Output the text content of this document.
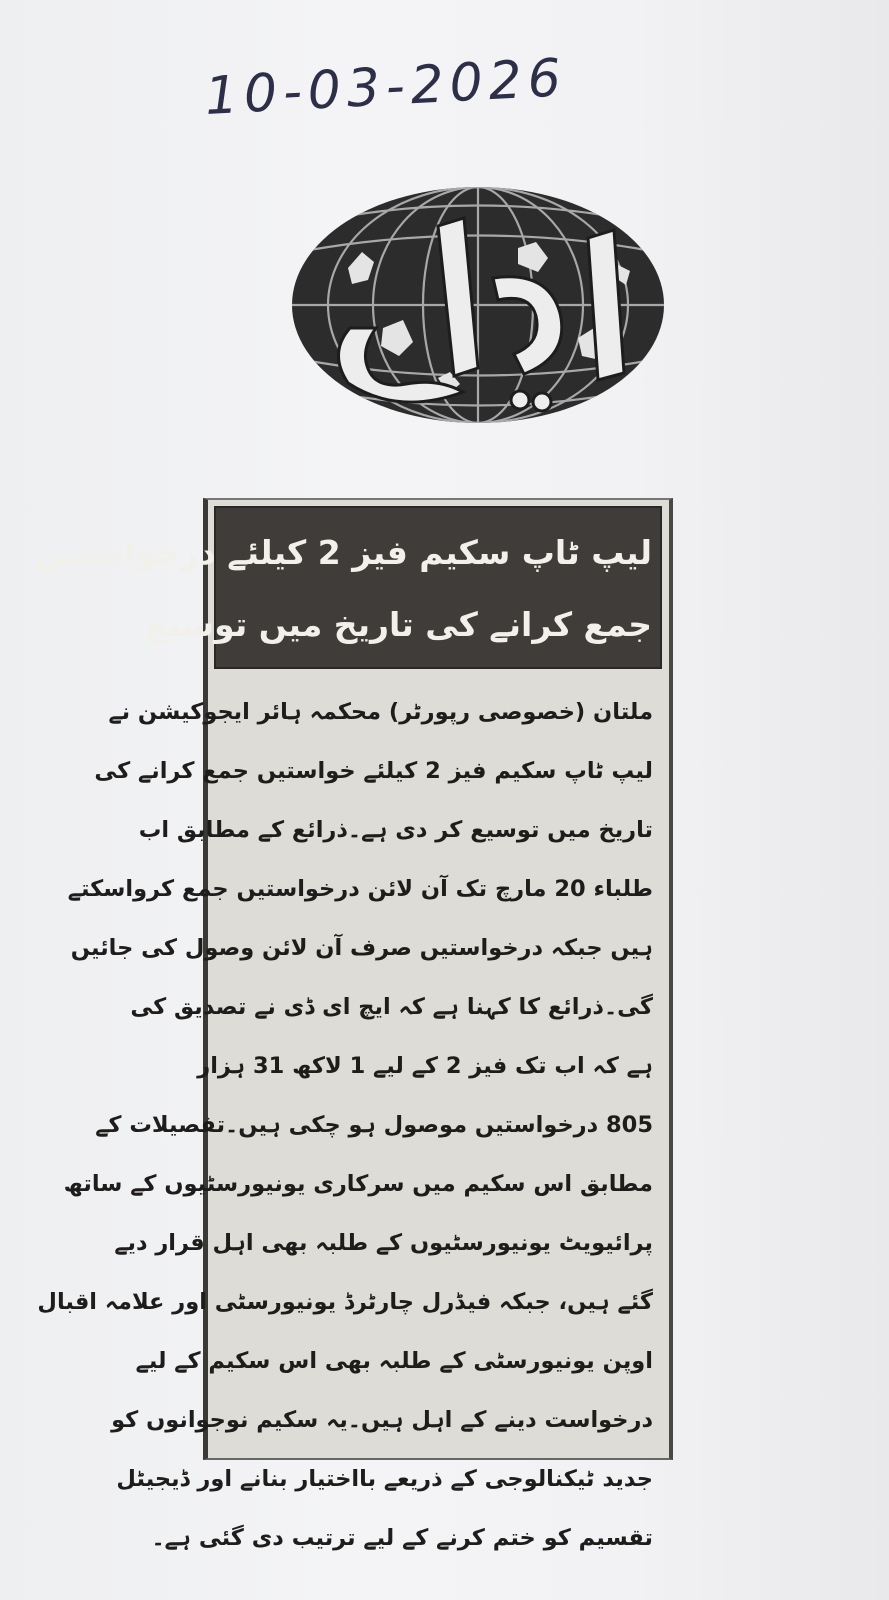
10-03-2026
لیپ ٹاپ سکیم فیز 2 کیلئے درخواستیں
جمع کرانے کی تاریخ میں توسیع
ملتان (خصوصی رپورٹر) محکمہ ہائر ایجوکیشن نے
لیپ ٹاپ سکیم فیز 2 کیلئے خواستیں جمع کرانے کی
تاریخ میں توسیع کر دی ہے۔ذرائع کے مطابق اب
طلباء 20 مارچ تک آن لائن درخواستیں جمع کرواسکتے
ہیں جبکہ درخواستیں صرف آن لائن وصول کی جائیں
گی۔ذرائع کا کہنا ہے کہ ایچ ای ڈی نے تصدیق کی
ہے کہ اب تک فیز 2 کے لیے 1 لاکھ 31 ہزار
805 درخواستیں موصول ہو چکی ہیں۔تفصیلات کے
مطابق اس سکیم میں سرکاری یونیورسٹیوں کے ساتھ
پرائیویٹ یونیورسٹیوں کے طلبہ بھی اہل قرار دیے
گئے ہیں، جبکہ فیڈرل چارٹرڈ یونیورسٹی اور علامہ اقبال
اوپن یونیورسٹی کے طلبہ بھی اس سکیم کے لیے
درخواست دینے کے اہل ہیں۔یہ سکیم نوجوانوں کو
جدید ٹیکنالوجی کے ذریعے بااختیار بنانے اور ڈیجیٹل
تقسیم کو ختم کرنے کے لیے ترتیب دی گئی ہے۔
